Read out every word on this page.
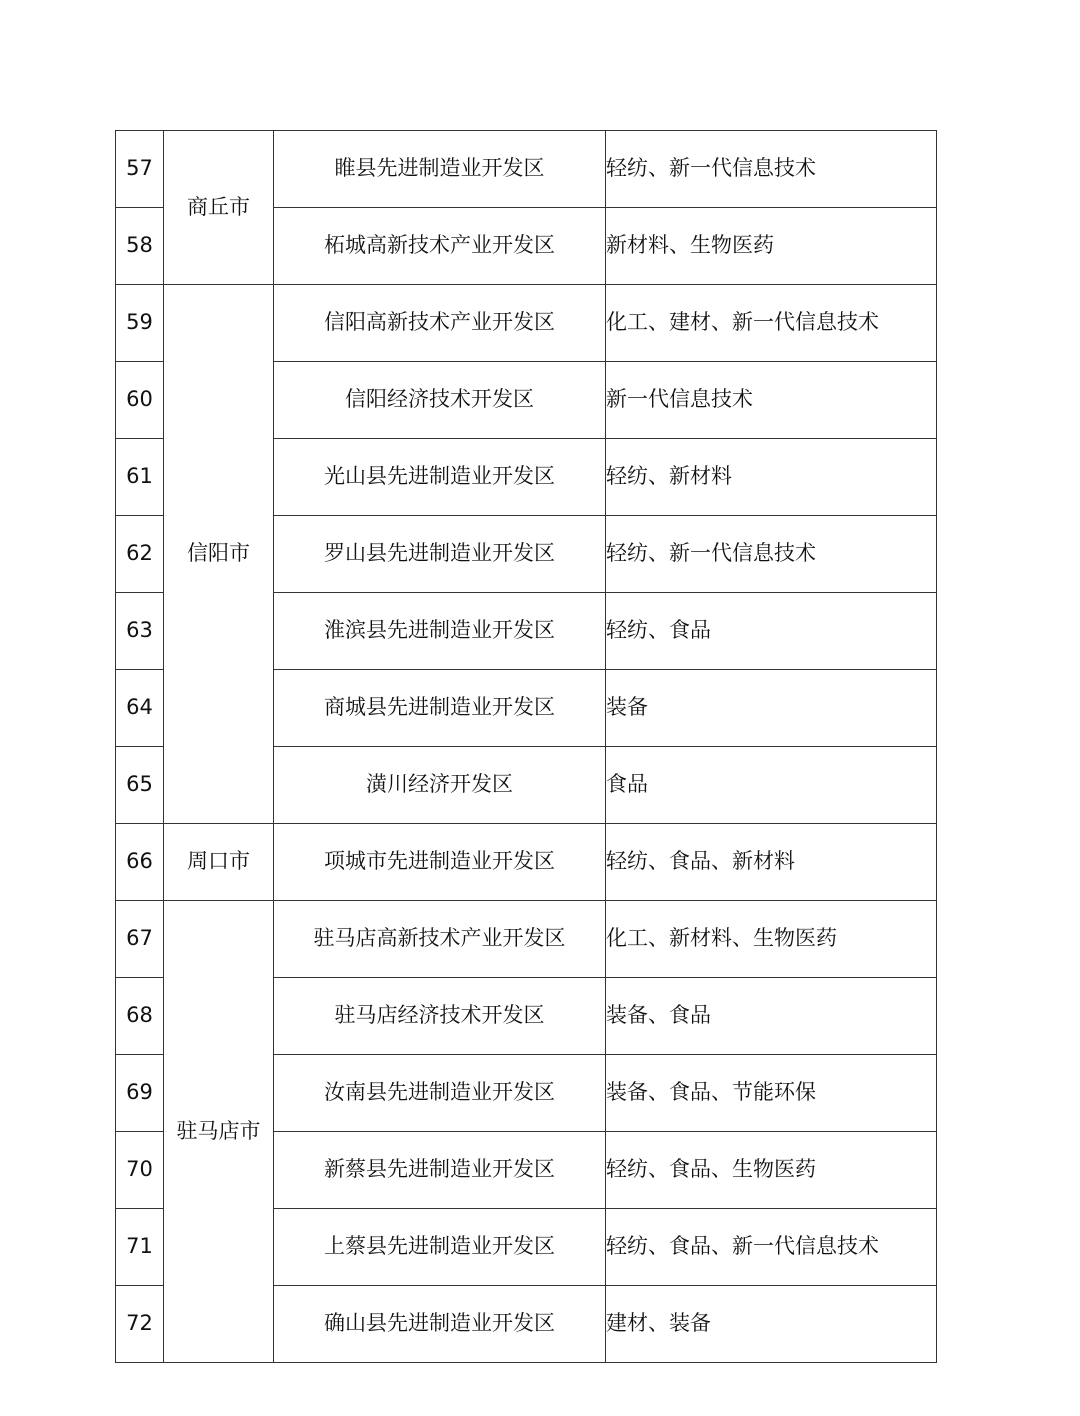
57	商丘市	睢县先进制造业开发区	轻纺、新一代信息技术
58		柘城高新技术产业开发区	新材料、生物医药
59	信阳市	信阳高新技术产业开发区	化工、建材、新一代信息技术
60		信阳经济技术开发区	新一代信息技术
61		光山县先进制造业开发区	轻纺、新材料
62		罗山县先进制造业开发区	轻纺、新一代信息技术
63		淮滨县先进制造业开发区	轻纺、食品
64		商城县先进制造业开发区	装备
65		潢川经济开发区	食品
66	周口市	项城市先进制造业开发区	轻纺、食品、新材料
67	驻马店市	驻马店高新技术产业开发区	化工、新材料、生物医药
68		驻马店经济技术开发区	装备、食品
69		汝南县先进制造业开发区	装备、食品、节能环保
70		新蔡县先进制造业开发区	轻纺、食品、生物医药
71		上蔡县先进制造业开发区	轻纺、食品、新一代信息技术
72		确山县先进制造业开发区	建材、装备
